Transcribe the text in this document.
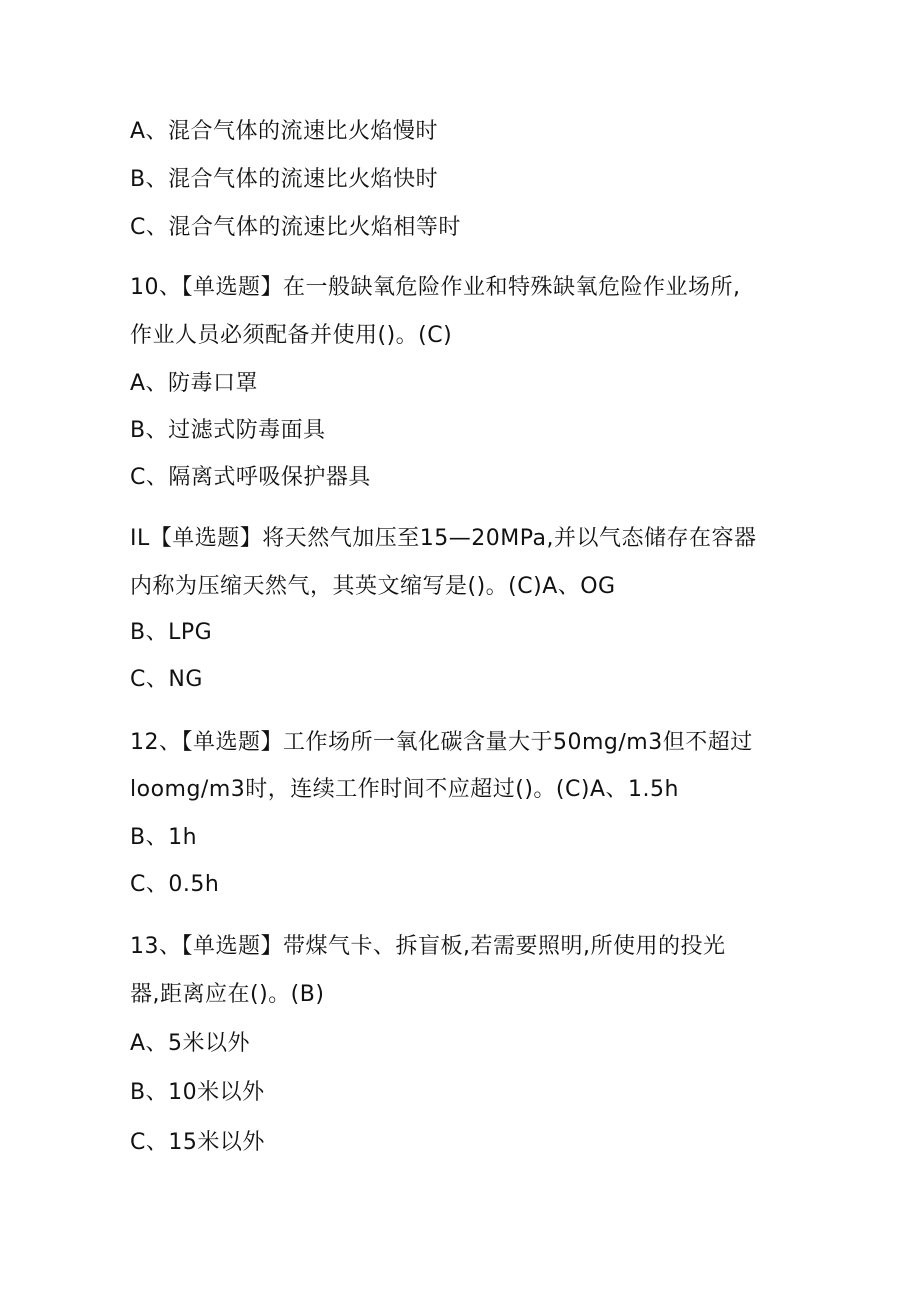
A、混合气体的流速比火焰慢时
B、混合气体的流速比火焰快时
C、混合气体的流速比火焰相等时
10、【单选题】在一般缺氧危险作业和特殊缺氧危险作业场所,
作业人员必须配备并使用()。(C)
A、防毒口罩
B、过滤式防毒面具
C、隔离式呼吸保护器具
IL【单选题】将天然气加压至15—20MPa,并以气态储存在容器
内称为压缩天然气，其英文缩写是()。(C)A、OG
B、LPG
C、NG
12、【单选题】工作场所一氧化碳含量大于50mg∕m3但不超过
loomg/m3时，连续工作时间不应超过()。(C)A、1.5h
B、1h
C、0.5h
13、【单选题】带煤气卡、拆盲板,若需要照明,所使用的投光
器,距离应在()。(B)
A、5米以外
B、10米以外
C、15米以外
